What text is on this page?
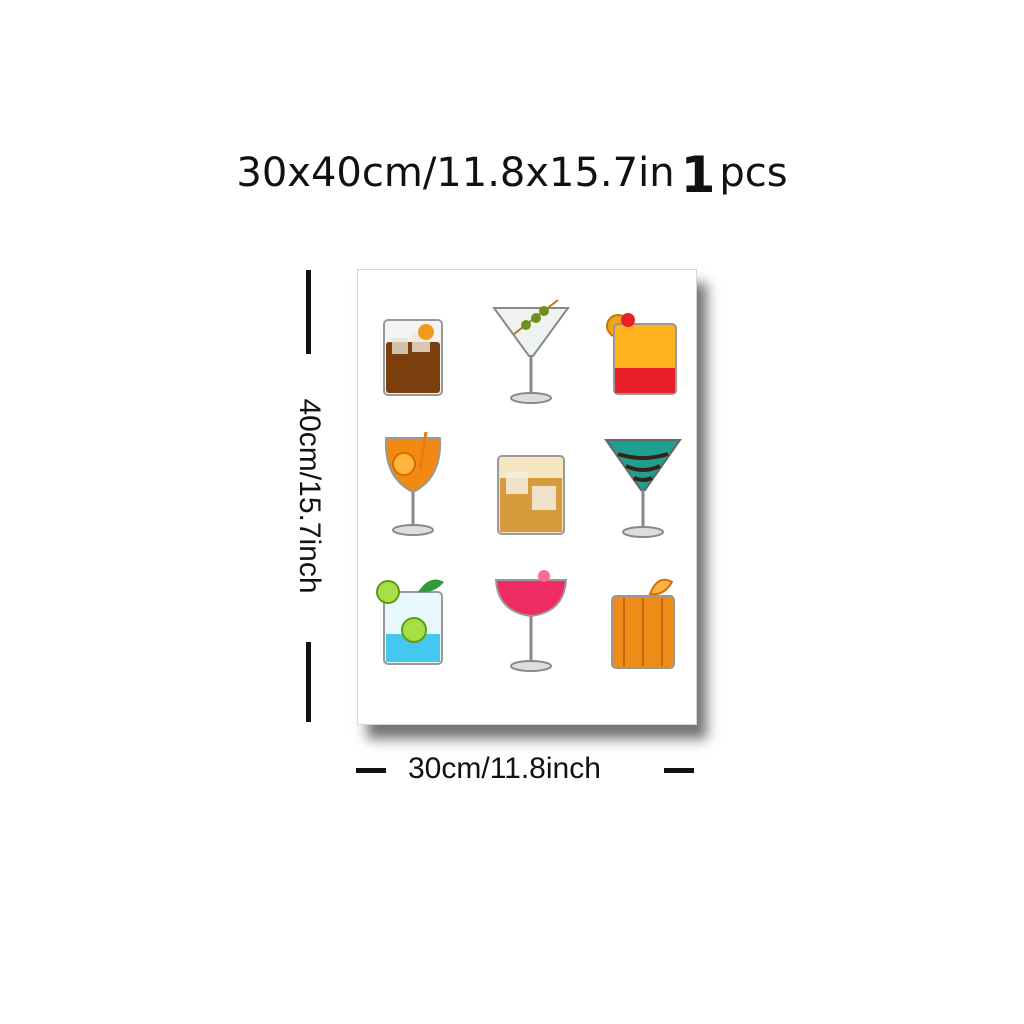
30x40cm/11.8x15.7in 1 pcs
40cm/15.7inch
30cm/11.8inch
